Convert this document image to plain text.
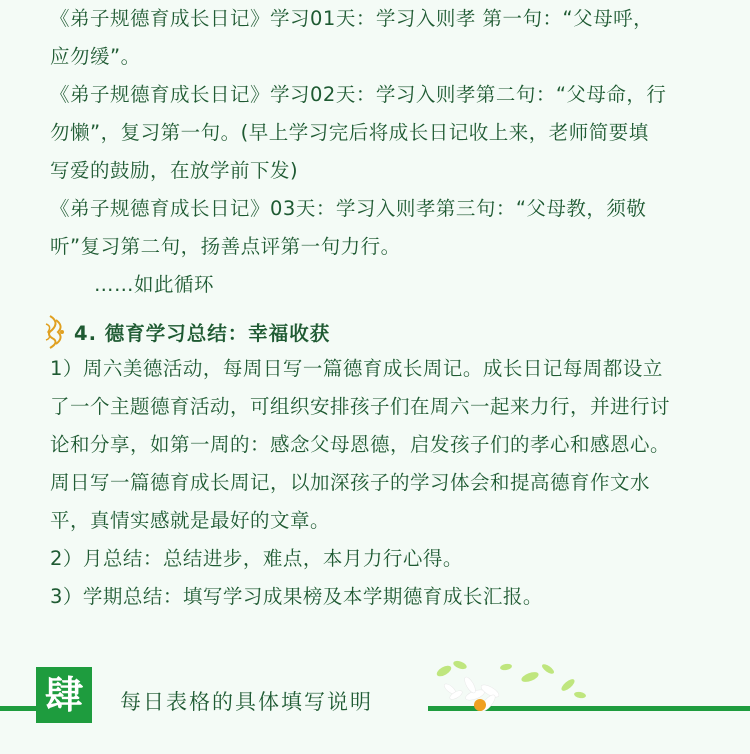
《弟子规德育成长日记》学习01天：学习入则孝 第一句：“父母呼，
应勿缓”。
《弟子规德育成长日记》学习02天：学习入则孝第二句：“父母命，行
勿懒”，复习第一句。(早上学习完后将成长日记收上来，老师简要填
写爱的鼓励，在放学前下发)
《弟子规德育成长日记》03天：学习入则孝第三句：“父母教，须敬
听”复习第二句，扬善点评第一句力行。
……如此循环
4. 德育学习总结：幸福收获
1）周六美德活动，每周日写一篇德育成长周记。成长日记每周都设立
了一个主题德育活动，可组织安排孩子们在周六一起来力行，并进行讨
论和分享，如第一周的：感念父母恩德，启发孩子们的孝心和感恩心。
周日写一篇德育成长周记，以加深孩子的学习体会和提高德育作文水
平，真情实感就是最好的文章。
2）月总结：总结进步，难点，本月力行心得。
3）学期总结：填写学习成果榜及本学期德育成长汇报。
肆	每日表格的具体填写说明
